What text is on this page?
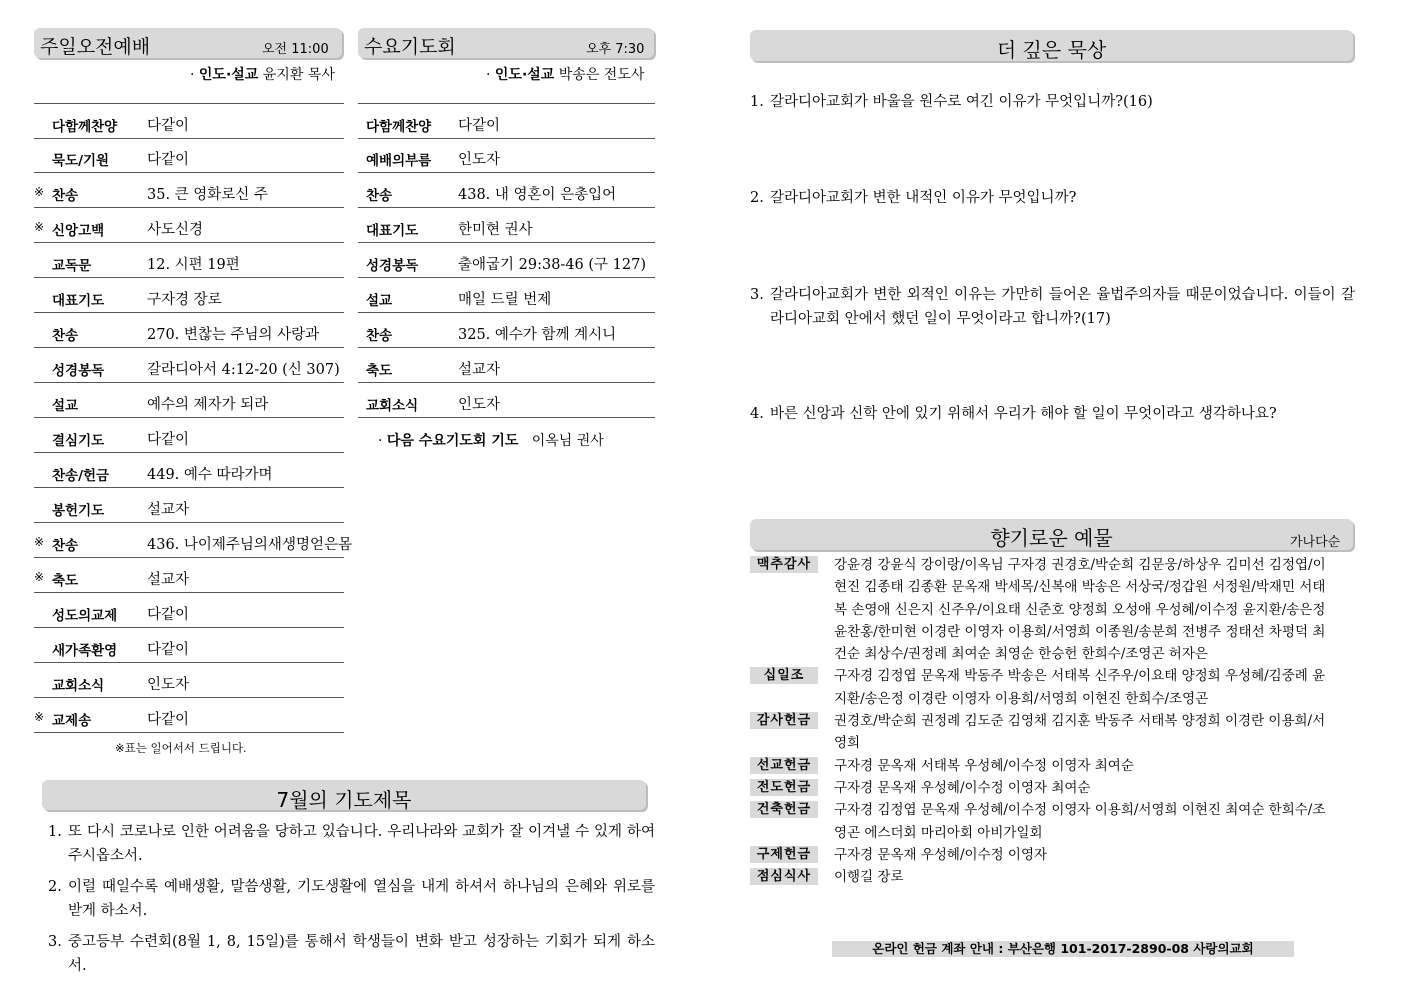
주일오전예배	오전 11:00
· 인도·설교 윤지환 목사
다함께찬양	다같이
묵도/기원	다같이
※ 찬송	35. 큰 영화로신 주
※ 신앙고백	사도신경
교독문	12. 시편 19편
대표기도	구자경 장로
찬송	270. 변찮는 주님의 사랑과
성경봉독	갈라디아서 4:12-20 (신 307)
설교	예수의 제자가 되라
결심기도	다같이
찬송/헌금	449. 예수 따라가며
봉헌기도	설교자
※ 찬송	436. 나이제주님의새생명얻은몸
※ 축도	설교자
성도의교제	다같이
새가족환영	다같이
교회소식	인도자
※ 교제송	다같이
※표는 일어서서 드립니다.
수요기도회	오후 7:30
· 인도·설교 박송은 전도사
다함께찬양	다같이
예배의부름	인도자
찬송	438. 내 영혼이 은총입어
대표기도	한미현 권사
성경봉독	출애굽기 29:38-46 (구 127)
설교	매일 드릴 번제
찬송	325. 예수가 함께 계시니
축도	설교자
교회소식	인도자
· 다음 수요기도회 기도 이옥님 권사
7월의 기도제목
1. 또 다시 코로나로 인한 어려움을 당하고 있습니다. 우리나라와 교회가 잘 이겨낼 수 있게 하여 주시옵소서.
2. 이럴 때일수록 예배생활, 말씀생활, 기도생활에 열심을 내게 하셔서 하나님의 은혜와 위로를 받게 하소서.
3. 중고등부 수련회(8월 1, 8, 15일)를 통해서 학생들이 변화 받고 성장하는 기회가 되게 하소서.
더 깊은 묵상
1. 갈라디아교회가 바울을 원수로 여긴 이유가 무엇입니까?(16)
2. 갈라디아교회가 변한 내적인 이유가 무엇입니까?
3. 갈라디아교회가 변한 외적인 이유는 가만히 들어온 율법주의자들 때문이었습니다. 이들이 갈라디아교회 안에서 했던 일이 무엇이라고 합니까?(17)
4. 바른 신앙과 신학 안에 있기 위해서 우리가 해야 할 일이 무엇이라고 생각하나요?
향기로운 예물	가나다순
맥추감사	강윤경 강윤식 강이랑/이옥님 구자경 권경호/박순희 김문웅/하상우 김미선 김정엽/이현진 김종태 김종환 문옥재 박세목/신복애 박송은 서상국/정갑원 서정원/박재민 서태복 손영애 신은지 신주우/이요태 신준호 양정희 오성애 우성혜/이수정 윤지환/송은정 윤찬홍/한미현 이경란 이영자 이용희/서영희 이종원/송분희 전병주 정태선 차평덕 최건순 최상수/권정례 최여순 최영순 한승헌 한희수/조영곤 허자은
십일조	구자경 김정엽 문옥재 박동주 박송은 서태복 신주우/이요태 양정희 우성혜/김중례 윤지환/송은정 이경란 이영자 이용희/서영희 이현진 한희수/조영곤
감사헌금	권경호/박순희 권정례 김도준 김영채 김지훈 박동주 서태복 양정희 이경란 이용희/서영희
선교헌금	구자경 문옥재 서태복 우성혜/이수정 이영자 최여순
전도헌금	구자경 문옥재 우성혜/이수정 이영자 최여순
건축헌금	구자경 김정엽 문옥재 우성혜/이수정 이영자 이용희/서영희 이현진 최여순 한희수/조영곤 에스더회 마리아회 아비가일회
구제헌금	구자경 문옥재 우성혜/이수정 이영자
점심식사	이행길 장로
온라인 헌금 계좌 안내 : 부산은행 101-2017-2890-08 사랑의교회
